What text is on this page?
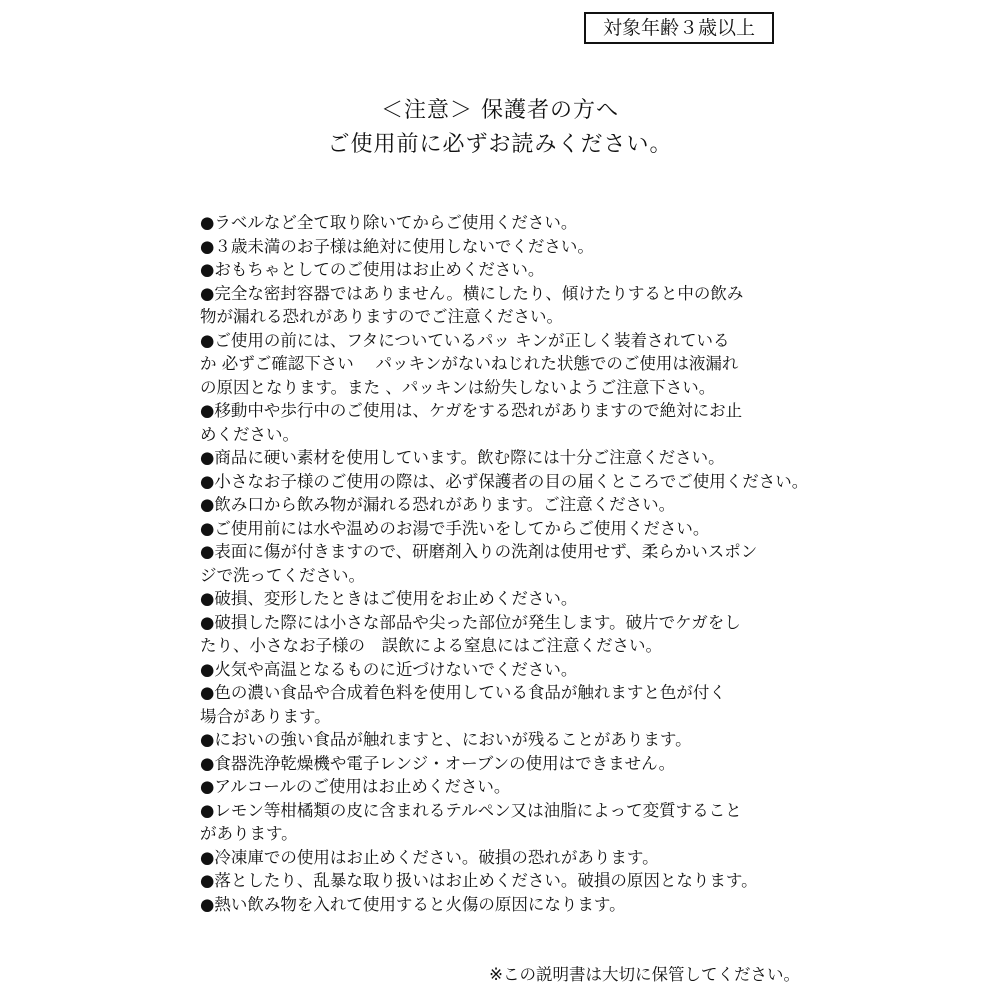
対象年齢３歳以上
＜注意＞ 保護者の方へ
ご使用前に必ずお読みください。
●ラベルなど全て取り除いてからご使用ください。
●３歳未満のお子様は絶対に使用しないでください。
●おもちゃとしてのご使用はお止めください。
●完全な密封容器ではありません。横にしたり、傾けたりすると中の飲み
物が漏れる恐れがありますのでご注意ください。
●ご使用の前には、フタについているパッ キンが正しく装着されている
か 必ずご確認下さい　 パッキンがないねじれた状態でのご使用は液漏れ
の原因となります。また 、パッキンは紛失しないようご注意下さい。
●移動中や歩行中のご使用は、ケガをする恐れがありますので絶対にお止
めください。
●商品に硬い素材を使用しています。飲む際には十分ご注意ください。
●小さなお子様のご使用の際は、必ず保護者の目の届くところでご使用ください。
●飲み口から飲み物が漏れる恐れがあります。ご注意ください。
●ご使用前には水や温めのお湯で手洗いをしてからご使用ください。
●表面に傷が付きますので、研磨剤入りの洗剤は使用せず、柔らかいスポン
ジで洗ってください。
●破損、変形したときはご使用をお止めください。
●破損した際には小さな部品や尖った部位が発生します。破片でケガをし
たり、小さなお子様の　誤飲による窒息にはご注意ください。
●火気や高温となるものに近づけないでください。
●色の濃い食品や合成着色料を使用している食品が触れますと色が付く
場合があります。
●においの強い食品が触れますと、においが残ることがあります。
●食器洗浄乾燥機や電子レンジ・オーブンの使用はできません。
●アルコールのご使用はお止めください。
●レモン等柑橘類の皮に含まれるテルペン又は油脂によって変質すること
があります。
●冷凍庫での使用はお止めください。破損の恐れがあります。
●落としたり、乱暴な取り扱いはお止めください。破損の原因となります。
●熱い飲み物を入れて使用すると火傷の原因になります。
※この説明書は大切に保管してください。
